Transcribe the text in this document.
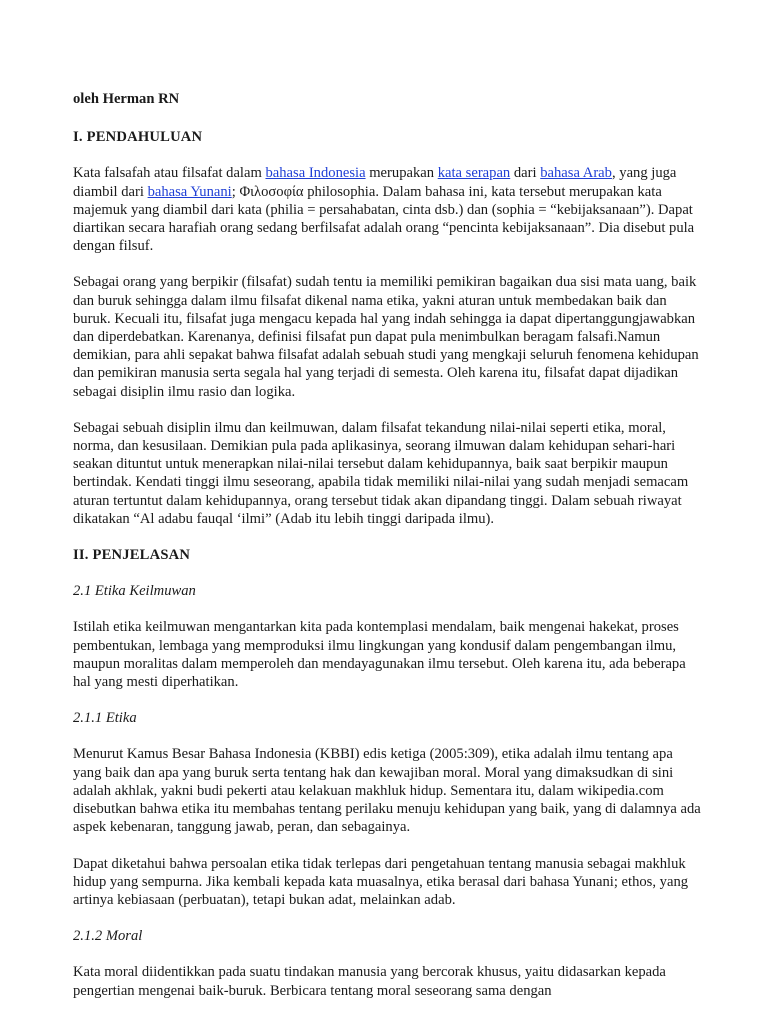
oleh Herman RN
I. PENDAHULUAN

Kata falsafah atau filsafat dalam bahasa Indonesia merupakan kata serapan dari bahasa Arab, yang juga diambil dari bahasa Yunani; Φιλοσοφία philosophia. Dalam bahasa ini, kata tersebut merupakan kata majemuk yang diambil dari kata (philia = persahabatan, cinta dsb.) dan (sophia = “kebijaksanaan”). Dapat diartikan secara harafiah orang sedang berfilsafat adalah orang “pencinta kebijaksanaan”. Dia disebut pula dengan filsuf.

Sebagai orang yang berpikir (filsafat) sudah tentu ia memiliki pemikiran bagaikan dua sisi mata uang, baik dan buruk sehingga dalam ilmu filsafat dikenal nama etika, yakni aturan untuk membedakan baik dan buruk. Kecuali itu, filsafat juga mengacu kepada hal yang indah sehingga ia dapat dipertanggungjawabkan dan diperdebatkan. Karenanya, definisi filsafat pun dapat pula menimbulkan beragam falsafi.Namun demikian, para ahli sepakat bahwa filsafat adalah sebuah studi yang mengkaji seluruh fenomena kehidupan dan pemikiran manusia serta segala hal yang terjadi di semesta. Oleh karena itu, filsafat dapat dijadikan sebagai disiplin ilmu rasio dan logika.

Sebagai sebuah disiplin ilmu dan keilmuwan, dalam filsafat tekandung nilai-nilai seperti etika, moral, norma, dan kesusilaan. Demikian pula pada aplikasinya, seorang ilmuwan dalam kehidupan sehari-hari seakan dituntut untuk menerapkan nilai-nilai tersebut dalam kehidupannya, baik saat berpikir maupun bertindak. Kendati tinggi ilmu seseorang, apabila tidak memiliki nilai-nilai yang sudah menjadi semacam aturan tertuntut dalam kehidupannya, orang tersebut tidak akan dipandang tinggi. Dalam sebuah riwayat dikatakan “Al adabu fauqal ‘ilmi” (Adab itu lebih tinggi daripada ilmu).

II. PENJELASAN
2.1 Etika Keilmuwan

Istilah etika keilmuwan mengantarkan kita pada kontemplasi mendalam, baik mengenai hakekat, proses pembentukan, lembaga yang memproduksi ilmu lingkungan yang kondusif dalam pengembangan ilmu, maupun moralitas dalam memperoleh dan mendayagunakan ilmu tersebut. Oleh karena itu, ada beberapa hal yang mesti diperhatikan.

2.1.1 Etika

Menurut Kamus Besar Bahasa Indonesia (KBBI) edis ketiga (2005:309), etika adalah ilmu tentang apa yang baik dan apa yang buruk serta tentang hak dan kewajiban moral. Moral yang dimaksudkan di sini adalah akhlak, yakni budi pekerti atau kelakuan makhluk hidup. Sementara itu, dalam wikipedia.com disebutkan bahwa etika itu membahas tentang perilaku menuju kehidupan yang baik, yang di dalamnya ada aspek kebenaran, tanggung jawab, peran, dan sebagainya.

Dapat diketahui bahwa persoalan etika tidak terlepas dari pengetahuan tentang manusia sebagai makhluk hidup yang sempurna. Jika kembali kepada kata muasalnya, etika berasal dari bahasa Yunani; ethos, yang artinya kebiasaan (perbuatan), tetapi bukan adat, melainkan adab.

2.1.2 Moral

Kata moral diidentikkan pada suatu tindakan manusia yang bercorak khusus, yaitu didasarkan kepada pengertian mengenai baik-buruk. Berbicara tentang moral seseorang sama dengan
